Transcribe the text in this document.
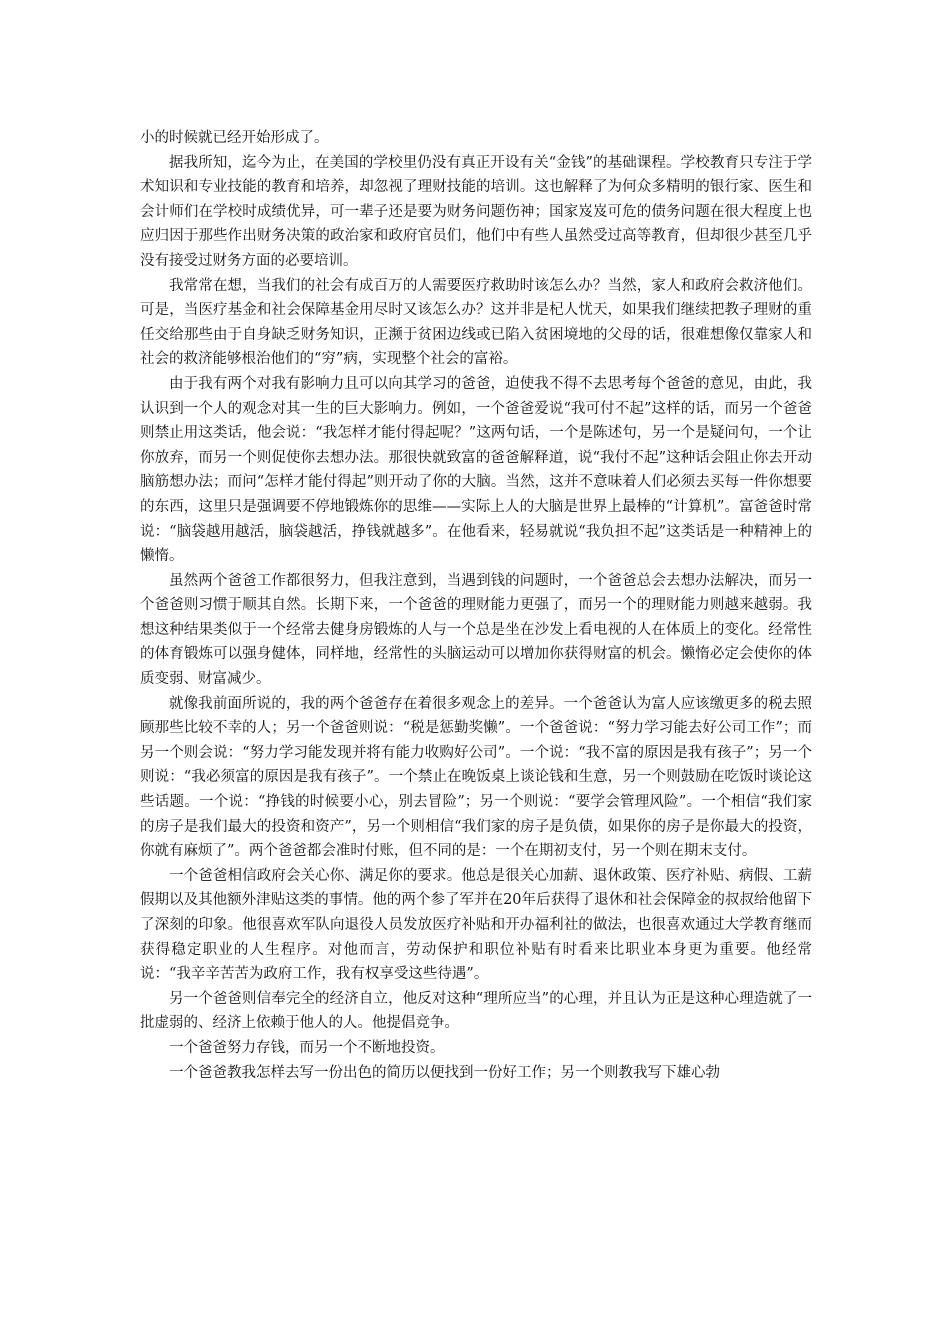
小的时候就已经开始形成了。

据我所知，迄今为止，在美国的学校里仍没有真正开设有关“金钱”的基础课程。学校教育只专注于学术知识和专业技能的教育和培养，却忽视了理财技能的培训。这也解释了为何众多精明的银行家、医生和会计师们在学校时成绩优异，可一辈子还是要为财务问题伤神；国家岌岌可危的债务问题在很大程度上也应归因于那些作出财务决策的政治家和政府官员们，他们中有些人虽然受过高等教育，但却很少甚至几乎没有接受过财务方面的必要培训。

我常常在想，当我们的社会有成百万的人需要医疗救助时该怎么办？当然，家人和政府会救济他们。可是，当医疗基金和社会保障基金用尽时又该怎么办？这并非是杞人忧天，如果我们继续把教子理财的重任交给那些由于自身缺乏财务知识，正濒于贫困边线或已陷入贫困境地的父母的话，很难想像仅靠家人和社会的救济能够根治他们的“穷”病，实现整个社会的富裕。

由于我有两个对我有影响力且可以向其学习的爸爸，迫使我不得不去思考每个爸爸的意见，由此，我认识到一个人的观念对其一生的巨大影响力。例如，一个爸爸爱说“我可付不起”这样的话，而另一个爸爸则禁止用这类话，他会说：“我怎样才能付得起呢？”这两句话，一个是陈述句，另一个是疑问句，一个让你放弃，而另一个则促使你去想办法。那很快就致富的爸爸解释道，说“我付不起”这种话会阻止你去开动脑筋想办法；而问“怎样才能付得起”则开动了你的大脑。当然，这并不意味着人们必须去买每一件你想要的东西，这里只是强调要不停地锻炼你的思维——实际上人的大脑是世界上最棒的“计算机”。富爸爸时常说：“脑袋越用越活，脑袋越活，挣钱就越多”。在他看来，轻易就说“我负担不起”这类话是一种精神上的懒惰。

虽然两个爸爸工作都很努力，但我注意到，当遇到钱的问题时，一个爸爸总会去想办法解决，而另一个爸爸则习惯于顺其自然。长期下来，一个爸爸的理财能力更强了，而另一个的理财能力则越来越弱。我想这种结果类似于一个经常去健身房锻炼的人与一个总是坐在沙发上看电视的人在体质上的变化。经常性的体育锻炼可以强身健体，同样地，经常性的头脑运动可以增加你获得财富的机会。懒惰必定会使你的体质变弱、财富减少。

就像我前面所说的，我的两个爸爸存在着很多观念上的差异。一个爸爸认为富人应该缴更多的税去照顾那些比较不幸的人；另一个爸爸则说：“税是惩勤奖懒”。一个爸爸说：“努力学习能去好公司工作”；而另一个则会说：“努力学习能发现并将有能力收购好公司”。一个说：“我不富的原因是我有孩子”；另一个则说：“我必须富的原因是我有孩子”。一个禁止在晚饭桌上谈论钱和生意，另一个则鼓励在吃饭时谈论这些话题。一个说：“挣钱的时候要小心，别去冒险”；另一个则说：“要学会管理风险”。一个相信“我们家的房子是我们最大的投资和资产”，另一个则相信“我们家的房子是负债，如果你的房子是你最大的投资，你就有麻烦了”。两个爸爸都会准时付账，但不同的是：一个在期初支付，另一个则在期末支付。

一个爸爸相信政府会关心你、满足你的要求。他总是很关心加薪、退休政策、医疗补贴、病假、工薪假期以及其他额外津贴这类的事情。他的两个参了军并在20年后获得了退休和社会保障金的叔叔给他留下了深刻的印象。他很喜欢军队向退役人员发放医疗补贴和开办福利社的做法，也很喜欢通过大学教育继而获得稳定职业的人生程序。对他而言，劳动保护和职位补贴有时看来比职业本身更为重要。他经常说：“我辛辛苦苦为政府工作，我有权享受这些待遇”。

另一个爸爸则信奉完全的经济自立，他反对这种“理所应当”的心理，并且认为正是这种心理造就了一批虚弱的、经济上依赖于他人的人。他提倡竞争。

一个爸爸努力存钱，而另一个不断地投资。

一个爸爸教我怎样去写一份出色的简历以便找到一份好工作；另一个则教我写下雄心勃
